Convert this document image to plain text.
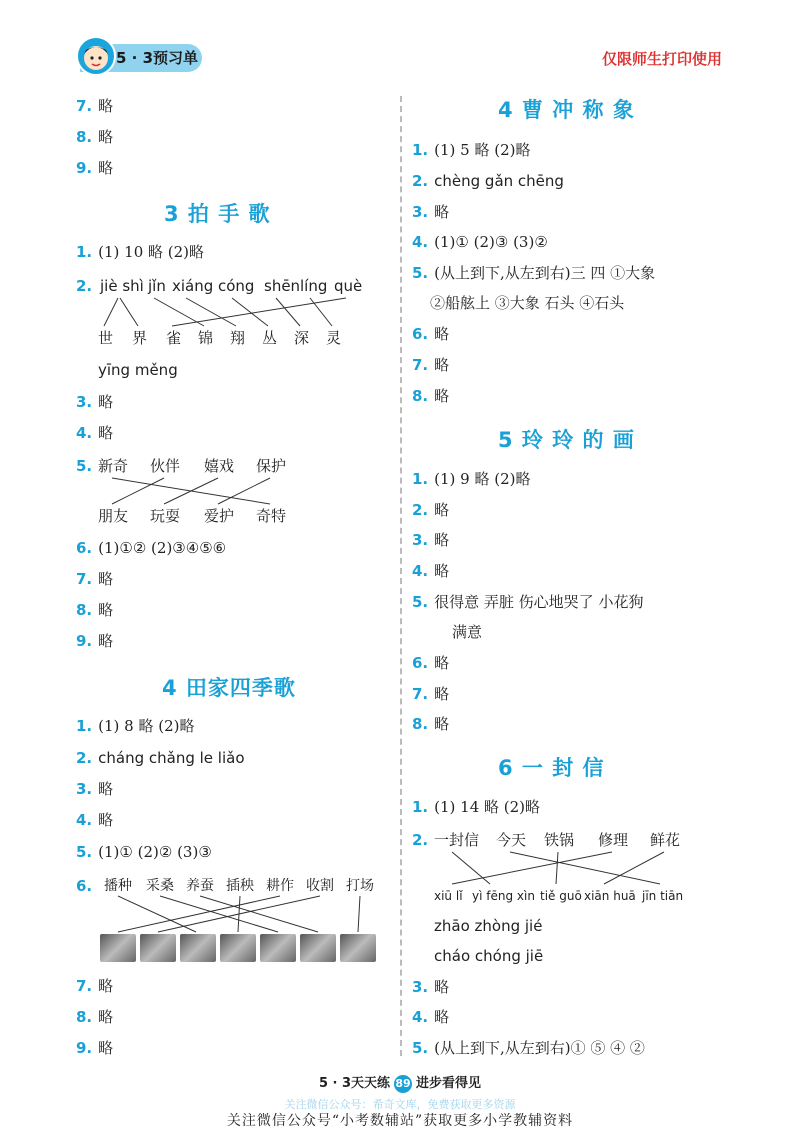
5 · 3预习单	仅限师生打印使用
7. 略
8. 略
9. 略
3 拍 手 歌
1. (1) 10 略 (2)略
2. jiè shì jǐn xiáng cóng shēn líng què
世 界 雀 锦 翔 丛 深 灵
yīng měng
3. 略
4. 略
5. 新奇 伙伴 嬉戏 保护
朋友 玩耍 爱护 奇特
6. (1)①② (2)③④⑤⑥
7. 略
8. 略
9. 略
4 田家四季歌
1. (1) 8 略 (2)略
2. cháng chǎng le liǎo
3. 略
4. 略
5. (1)① (2)② (3)③
6. 播种 采桑 养蚕 插秧 耕作 收割 打场
7. 略
8. 略
9. 略
4 曹 冲 称 象
1. (1) 5 略 (2)略
2. chèng gǎn chēng
3. 略
4. (1)① (2)③ (3)②
5. (从上到下,从左到右)三 四 ①大象
②船舷上 ③大象 石头 ④石头
6. 略
7. 略
8. 略
5 玲 玲 的 画
1. (1) 9 略 (2)略
2. 略
3. 略
4. 略
5. 很得意 弄脏 伤心地哭了 小花狗
满意
6. 略
7. 略
8. 略
6 一 封 信
1. (1) 14 略 (2)略
2. 一封信 今天 铁锅 修理 鲜花
xiū lǐ yì fēng xìn tiě guō xiān huā jīn tiān
zhāo zhòng jié
cháo chóng jiē
3. 略
4. 略
5. (从上到下,从左到右)① ⑤ ④ ②
5 · 3天天练 89 进步看得见
关注微信公众号：希奇文库，免费获取更多资源
关注微信公众号“小考数辅站”获取更多小学教辅资料
